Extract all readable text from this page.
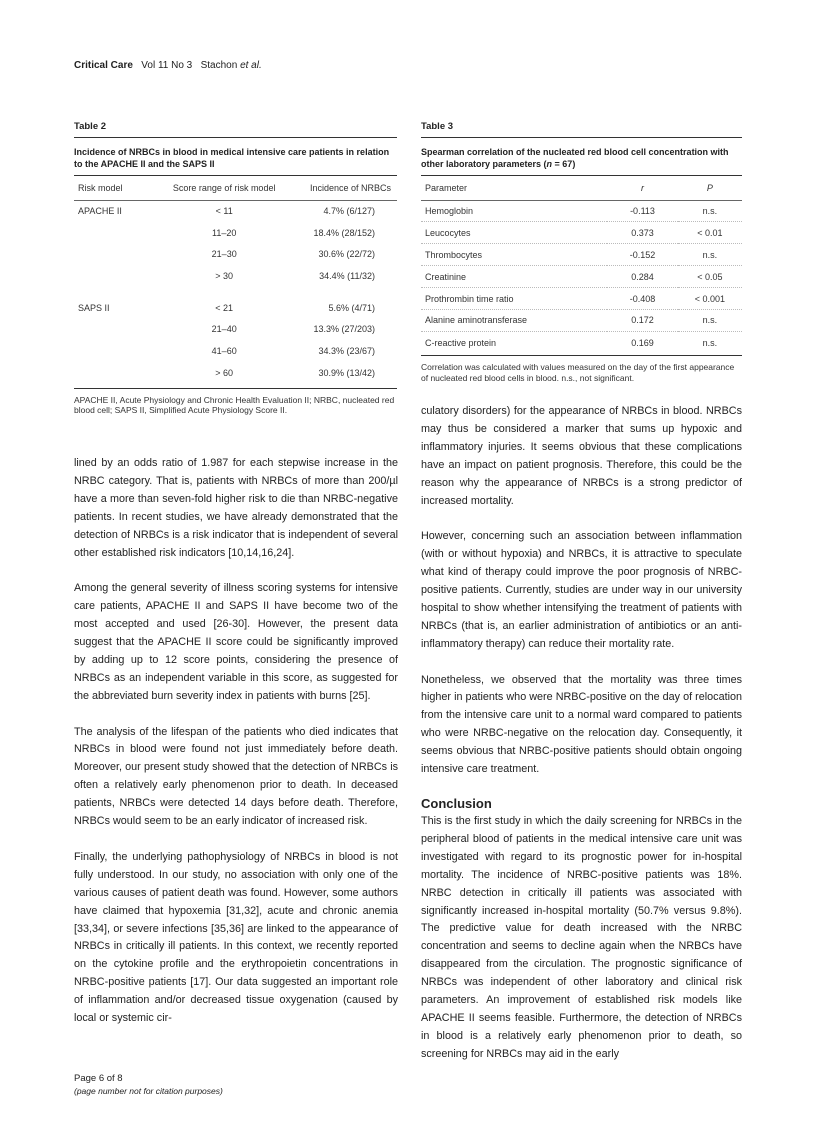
Critical Care Vol 11 No 3 Stachon et al.
Table 2
Incidence of NRBCs in blood in medical intensive care patients in relation to the APACHE II and the SAPS II
Risk model	Score range of risk model	Incidence of NRBCs
APACHE II	< 11	4.7% (6/127)
	11–20	18.4% (28/152)
	21–30	30.6% (22/72)
	> 30	34.4% (11/32)
SAPS II	< 21	5.6% (4/71)
	21–40	13.3% (27/203)
	41–60	34.3% (23/67)
	> 60	30.9% (13/42)
APACHE II, Acute Physiology and Chronic Health Evaluation II; NRBC, nucleated red blood cell; SAPS II, Simplified Acute Physiology Score II.
Table 3
Spearman correlation of the nucleated red blood cell concentration with other laboratory parameters (n = 67)
Parameter	r	P
Hemoglobin	-0.113	n.s.
Leucocytes	0.373	< 0.01
Thrombocytes	-0.152	n.s.
Creatinine	0.284	< 0.05
Prothrombin time ratio	-0.408	< 0.001
Alanine aminotransferase	0.172	n.s.
C-reactive protein	0.169	n.s.
Correlation was calculated with values measured on the day of the first appearance of nucleated red blood cells in blood. n.s., not significant.

lined by an odds ratio of 1.987 for each stepwise increase in the NRBC category. That is, patients with NRBCs of more than 200/µl have a more than seven-fold higher risk to die than NRBC-negative patients. In recent studies, we have already demonstrated that the detection of NRBCs is a risk indicator that is independent of several other established risk indicators [10,14,16,24].

Among the general severity of illness scoring systems for intensive care patients, APACHE II and SAPS II have become two of the most accepted and used [26-30]. However, the present data suggest that the APACHE II score could be significantly improved by adding up to 12 score points, considering the presence of NRBCs as an independent variable in this score, as suggested for the abbreviated burn severity index in patients with burns [25].

The analysis of the lifespan of the patients who died indicates that NRBCs in blood were found not just immediately before death. Moreover, our present study showed that the detection of NRBCs is often a relatively early phenomenon prior to death. In deceased patients, NRBCs were detected 14 days before death. Therefore, NRBCs would seem to be an early indicator of increased risk.

Finally, the underlying pathophysiology of NRBCs in blood is not fully understood. In our study, no association with only one of the various causes of patient death was found. However, some authors have claimed that hypoxemia [31,32], acute and chronic anemia [33,34], or severe infections [35,36] are linked to the appearance of NRBCs in critically ill patients. In this context, we recently reported on the cytokine profile and the erythropoietin concentrations in NRBC-positive patients [17]. Our data suggested an important role of inflammation and/or decreased tissue oxygenation (caused by local or systemic cir-

culatory disorders) for the appearance of NRBCs in blood. NRBCs may thus be considered a marker that sums up hypoxic and inflammatory injuries. It seems obvious that these complications have an impact on patient prognosis. Therefore, this could be the reason why the appearance of NRBCs is a strong predictor of increased mortality.

However, concerning such an association between inflammation (with or without hypoxia) and NRBCs, it is attractive to speculate what kind of therapy could improve the poor prognosis of NRBC-positive patients. Currently, studies are under way in our university hospital to show whether intensifying the treatment of patients with NRBCs (that is, an earlier administration of antibiotics or an anti-inflammatory therapy) can reduce their mortality rate.

Nonetheless, we observed that the mortality was three times higher in patients who were NRBC-positive on the day of relocation from the intensive care unit to a normal ward compared to patients who were NRBC-negative on the relocation day. Consequently, it seems obvious that NRBC-positive patients should obtain ongoing intensive care treatment.

Conclusion

This is the first study in which the daily screening for NRBCs in the peripheral blood of patients in the medical intensive care unit was investigated with regard to its prognostic power for in-hospital mortality. The incidence of NRBC-positive patients was 18%. NRBC detection in critically ill patients was associated with significantly increased in-hospital mortality (50.7% versus 9.8%). The predictive value for death increased with the NRBC concentration and seems to decline again when the NRBCs have disappeared from the circulation. The prognostic significance of NRBCs was independent of other laboratory and clinical risk parameters. An improvement of established risk models like APACHE II seems feasible. Furthermore, the detection of NRBCs in blood is a relatively early phenomenon prior to death, so screening for NRBCs may aid in the early

Page 6 of 8
(page number not for citation purposes)
